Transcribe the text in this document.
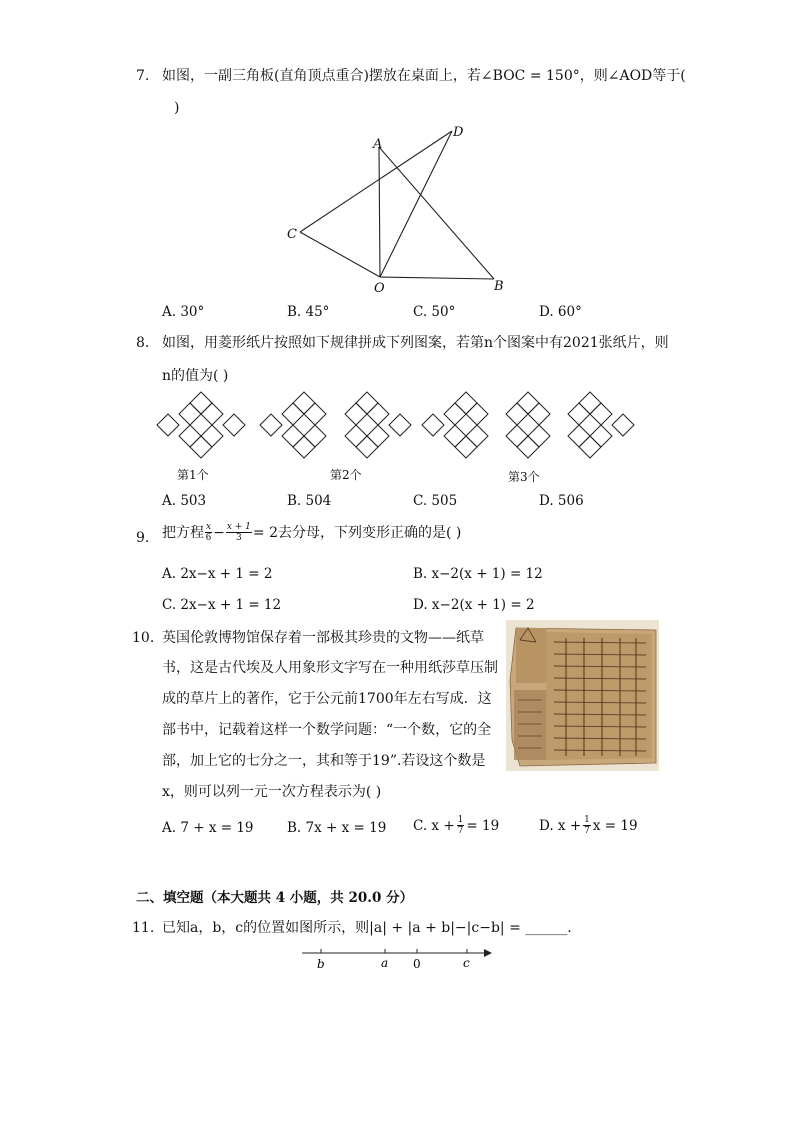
7. 如图，一副三角板(直角顶点重合)摆放在桌面上，若∠BOC = 150°，则∠AOD等于(
)
A
D
C
O	B
A. 30°	B. 45°	C. 50°	D. 60°
8. 如图，用菱形纸片按照如下规律拼成下列图案，若第n个图案中有2021张纸片，则
n的值为( )
第1个	第2个	第3个
A. 503	B. 504	C. 505	D. 506
9. 把方程 $\frac{x}{6} - \frac{x + 1}{3} = 2$去分母，下列变形正确的是( )
A. 2x−x + 1 = 2	B. x−2(x + 1) = 12
C. 2x−x + 1 = 12	D. x−2(x + 1) = 2
10. 英国伦敦博物馆保存着一部极其珍贵的文物——纸草
书，这是古代埃及人用象形文字写在一种用纸莎草压制
成的草片上的著作，它于公元前1700年左右写成．这
部书中，记载着这样一个数学问题：“一个数，它的全
部，加上它的七分之一，其和等于19”.若设这个数是
x，则可以列一元一次方程表示为( )
A. 7 + x = 19 B. 7x + x = 19 C. $x + \frac{1}{7} = 19$	D. $x + \frac{1}{7}$ x = 19
二、填空题（本大题共 4 小题，共 20.0 分）
11. 已知a，b，c的位置如图所示，则|a| + |a + b|−|c−b| = ______.
b	a 0	c
